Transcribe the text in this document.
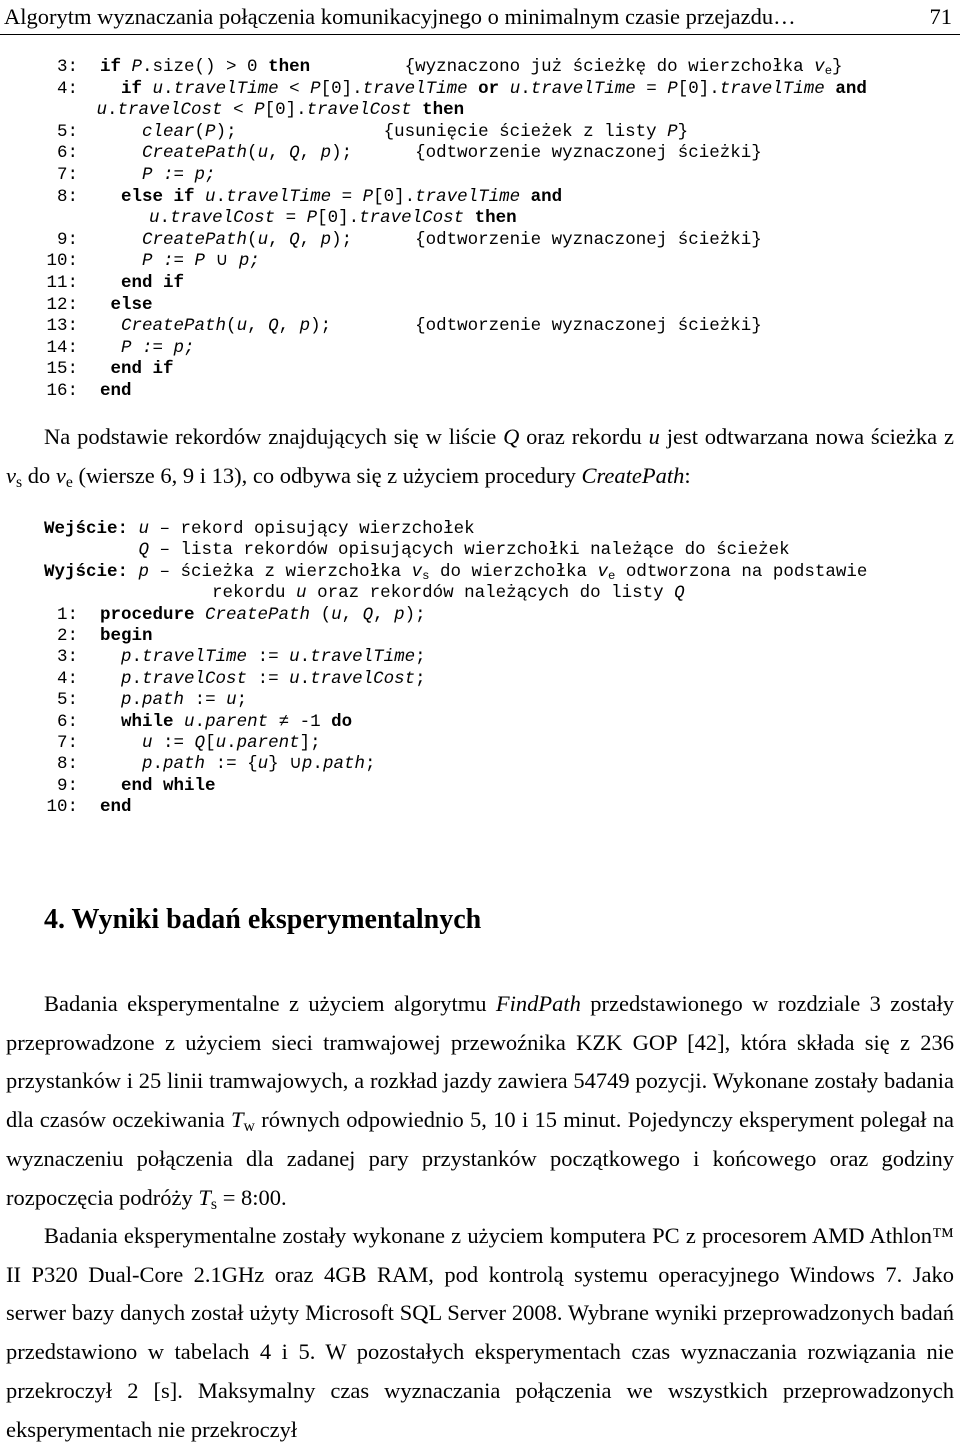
Algorytm wyznaczania połączenia komunikacyjnego o minimalnym czasie przejazdu…	71
3: if P.size() > 0 then         {wyznaczono już ścieżkę do wierzchołka $v_e$}
4:	if u.travelTime < P[0].travelTime or u.travelTime = P[0].travelTime and
u.travelCost < P[0].travelCost then
5:	clear(P);              {usunięcie ścieżek z listy P}
6:	CreatePath(u, Q, p);      {odtworzenie wyznaczonej ścieżki}
7:	P := p;
8:	else if u.travelTime = P[0].travelTime and
u.travelCost = P[0].travelCost then
9:	CreatePath(u, Q, p);      {odtworzenie wyznaczonej ścieżki}
10:	P := P ∪ p;
11:	end if
12:	else
13:	CreatePath(u, Q, p);        {odtworzenie wyznaczonej ścieżki}
14:	P := p;
15:	end if
16: end

Na podstawie rekordów znajdujących się w liście Q oraz rekordu u jest odtwarzana nowa ścieżka z $v_s$ do $v_e$ (wiersze 6, 9 i 13), co odbywa się z użyciem procedury CreatePath:

Wejście: u – rekord opisujący wierzchołek
Q – lista rekordów opisujących wierzchołki należące do ścieżek
Wyjście: p – ścieżka z wierzchołka $v_s$ do wierzchołka $v_e$ odtworzona na podstawie
rekordu u oraz rekordów należących do listy Q
1: procedure CreatePath (u, Q, p);
2: begin
3:	p.travelTime := u.travelTime;
4:	p.travelCost := u.travelCost;
5:	p.path := u;
6:	while u.parent ≠ -1 do
7:	u := Q[u.parent];
8:	p.path := {u} ∪p.path;
9:	end while
10: end
4. Wyniki badań eksperymentalnych

Badania eksperymentalne z użyciem algorytmu FindPath przedstawionego w rozdziale 3 zostały przeprowadzone z użyciem sieci tramwajowej przewoźnika KZK GOP [42], która składa się z 236 przystanków i 25 linii tramwajowych, a rozkład jazdy zawiera 54749 pozycji. Wykonane zostały badania dla czasów oczekiwania $T_w$ równych odpowiednio 5, 10 i 15 minut. Pojedynczy eksperyment polegał na wyznaczeniu połączenia dla zadanej pary przystanków początkowego i końcowego oraz godziny rozpoczęcia podróży $T_s$ = 8:00.

Badania eksperymentalne zostały wykonane z użyciem komputera PC z procesorem AMD Athlon™ II P320 Dual-Core 2.1GHz oraz 4GB RAM, pod kontrolą systemu operacyjnego Windows 7. Jako serwer bazy danych został użyty Microsoft SQL Server 2008. Wybrane wyniki przeprowadzonych badań przedstawiono w tabelach 4 i 5. W pozostałych eksperymentach czas wyznaczania rozwiązania nie przekroczył 2 [s]. Maksymalny czas wyznaczania połączenia we wszystkich przeprowadzonych eksperymentach nie przekroczył
